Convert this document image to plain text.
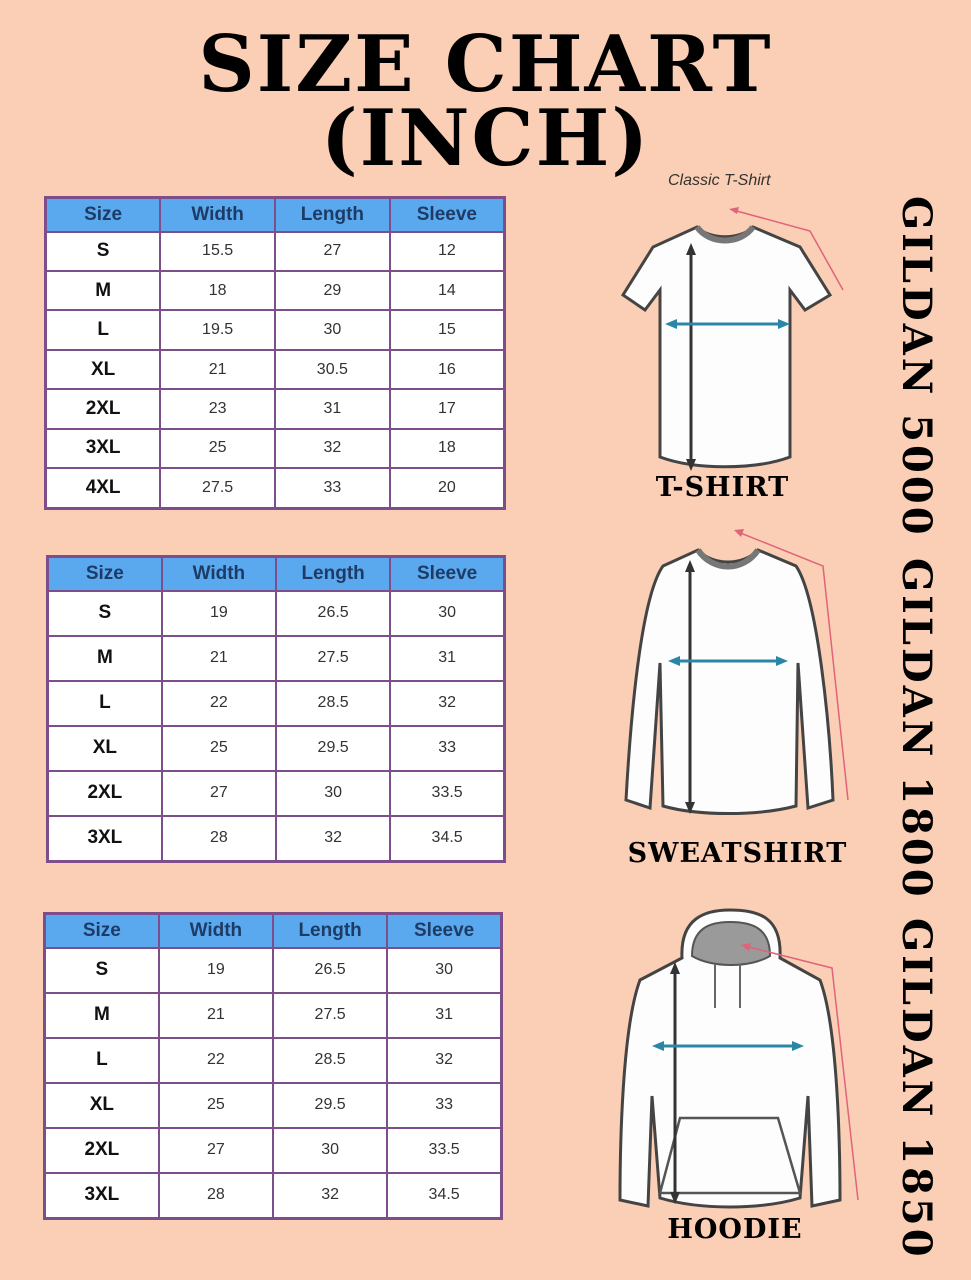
SIZE CHART
(INCH)
Size	Width	Length	Sleeve
S	15.5	27	12
M	18	29	14
L	19.5	30	15
XL	21	30.5	16
2XL	23	31	17
3XL	25	32	18
4XL	27.5	33	20
Size	Width	Length	Sleeve
S	19	26.5	30
M	21	27.5	31
L	22	28.5	32
XL	25	29.5	33
2XL	27	30	33.5
3XL	28	32	34.5
Size	Width	Length	Sleeve
S	19	26.5	30
M	21	27.5	31
L	22	28.5	32
XL	25	29.5	33
2XL	27	30	33.5
3XL	28	32	34.5
Classic T-Shirt
T-SHIRT
SWEATSHIRT
HOODIE
GILDAN 5000
GILDAN 1800
GILDAN 1850
